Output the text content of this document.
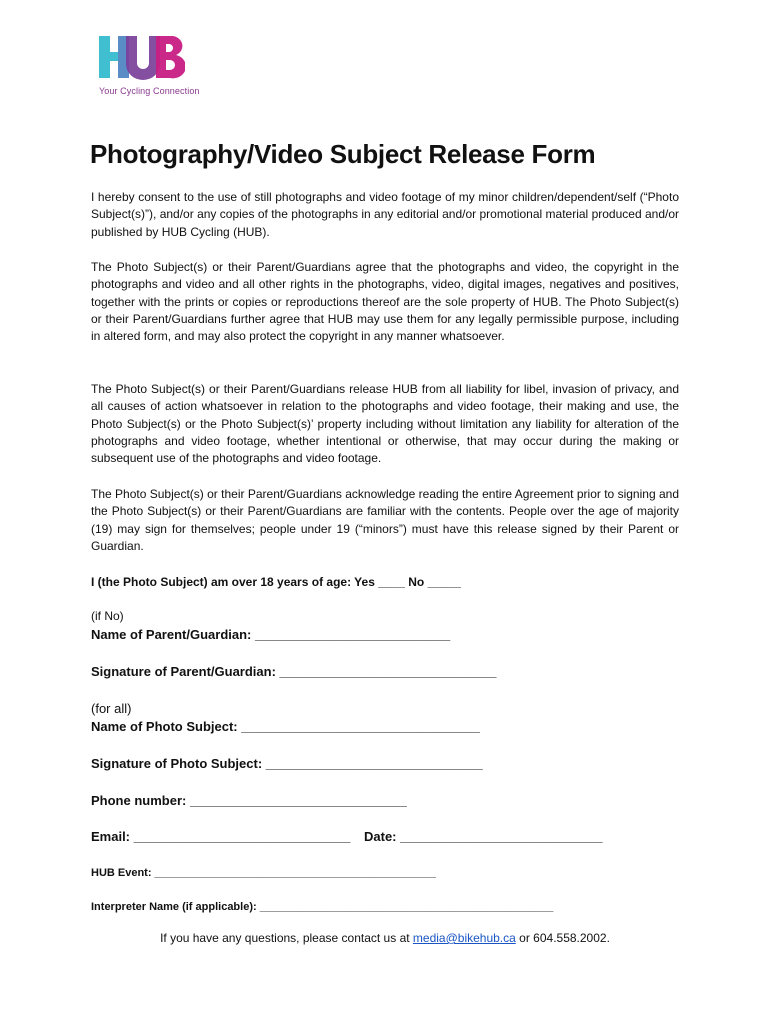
Your Cycling Connection
Photography/Video Subject Release Form

I hereby consent to the use of still photographs and video footage of my minor children/dependent/self (“Photo Subject(s)”), and/or any copies of the photographs in any editorial and/or promotional material produced and/or published by HUB Cycling (HUB).

The Photo Subject(s) or their Parent/Guardians agree that the photographs and video, the copyright in the photographs and video and all other rights in the photographs, video, digital images, negatives and positives, together with the prints or copies or reproductions thereof are the sole property of HUB. The Photo Subject(s) or their Parent/Guardians further agree that HUB may use them for any legally permissible purpose, including in altered form, and may also protect the copyright in any manner whatsoever.

The Photo Subject(s) or their Parent/Guardians release HUB from all liability for libel, invasion of privacy, and all causes of action whatsoever in relation to the photographs and video footage, their making and use, the Photo Subject(s) or the Photo Subject(s)’ property including without limitation any liability for alteration of the photographs and video footage, whether intentional or otherwise, that may occur during the making or subsequent use of the photographs and video footage.

The Photo Subject(s) or their Parent/Guardians acknowledge reading the entire Agreement prior to signing and the Photo Subject(s) or their Parent/Guardians are familiar with the contents. People over the age of majority (19) may sign for themselves; people under 19 (“minors”) must have this release signed by their Parent or Guardian.

I (the Photo Subject) am over 18 years of age: Yes ____ No _____
(if No)
Name of Parent/Guardian: ___________________________
Signature of Parent/Guardian: ______________________________
(for all)
Name of Photo Subject: _________________________________
Signature of Photo Subject: ______________________________
Phone number: ______________________________
Email: ______________________________ Date: ____________________________
HUB Event: ______________________________________________
Interpreter Name (if applicable): ________________________________________________
If you have any questions, please contact us at media@bikehub.ca or 604.558.2002.
